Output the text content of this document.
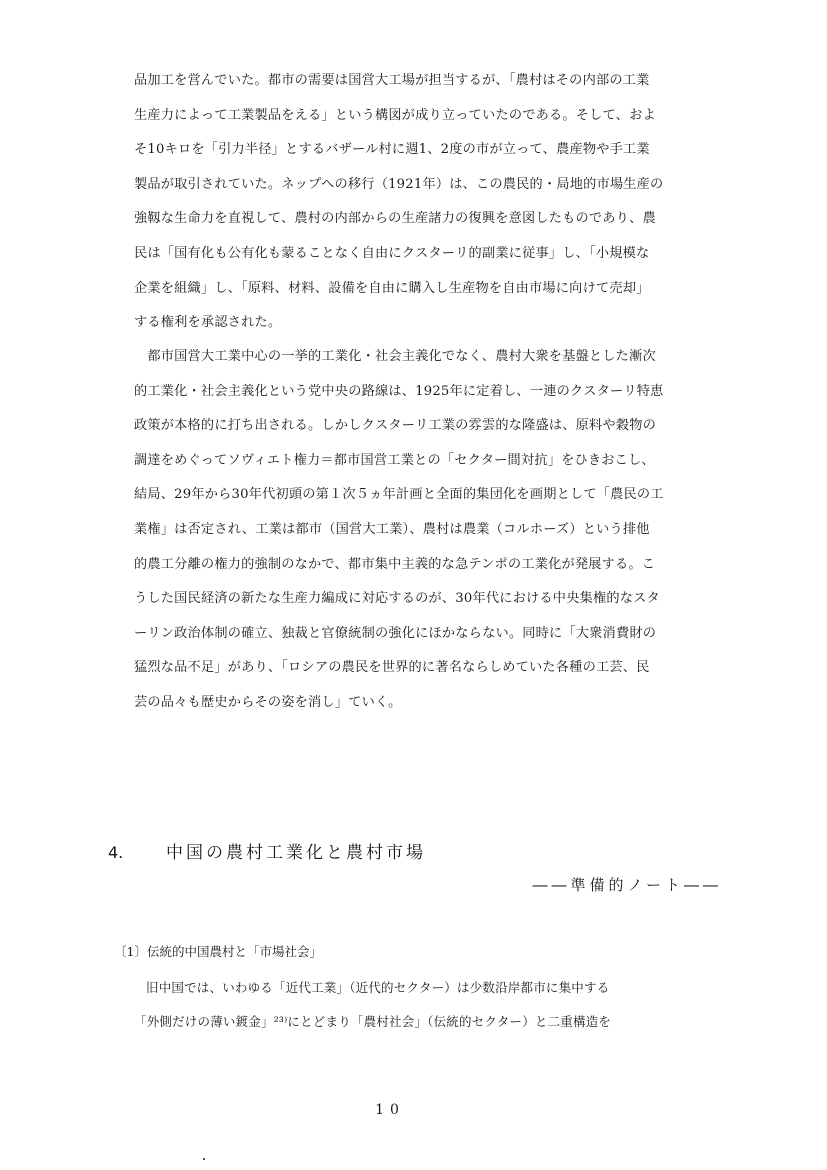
品加工を営んでいた。都市の需要は国営大工場が担当するが、「農村はその内部の工業
生産力によって工業製品をえる」という構図が成り立っていたのである。そして、およ
そ10キロを「引力半径」とするバザール村に週1、2度の市が立って、農産物や手工業
製品が取引されていた。ネップへの移行（1921年）は、この農民的・局地的市場生産の
強靱な生命力を直視して、農村の内部からの生産諸力の復興を意図したものであり、農
民は「国有化も公有化も蒙ることなく自由にクスターリ的副業に従事」し、「小規模な
企業を組織」し、「原料、材料、設備を自由に購入し生産物を自由市場に向けて売却」
する権利を承認された。
　都市国営大工業中心の一挙的工業化・社会主義化でなく、農村大衆を基盤とした漸次
的工業化・社会主義化という党中央の路線は、1925年に定着し、一連のクスターリ特恵
政策が本格的に打ち出される。しかしクスターリ工業の雰雲的な隆盛は、原料や穀物の
調達をめぐってソヴィエト権力＝都市国営工業との「セクター間対抗」をひきおこし、
結局、29年から30年代初頭の第１次５ヵ年計画と全面的集団化を画期として「農民の工
業権」は否定され、工業は都市（国営大工業）、農村は農業（コルホーズ）という排他
的農工分離の権力的強制のなかで、都市集中主義的な急テンポの工業化が発展する。こ
うした国民経済の新たな生産力編成に対応するのが、30年代における中央集権的なスタ
ーリン政治体制の確立、独裁と官僚統制の強化にほかならない。同時に「大衆消費財の
猛烈な品不足」があり、「ロシアの農民を世界的に著名ならしめていた各種の工芸、民
芸の品々も歴史からその姿を消し」ていく。
4.	中国の農村工業化と農村市場
――準備的ノート――
〔1〕伝統的中国農村と「市場社会」
旧中国では、いわゆる「近代工業」（近代的セクター）は少数沿岸都市に集中する
「外側だけの薄い鍍金」²³⁾にとどまり「農村社会」（伝統的セクター）と二重構造を
10
